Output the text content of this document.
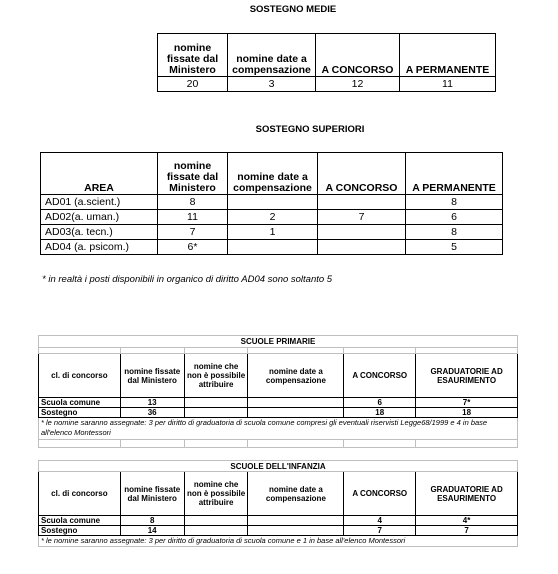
SOSTEGNO MEDIE
nomine fissate dal Ministero	nomine date a compensazione	A CONCORSO	A PERMANENTE
20	3	12	11
SOSTEGNO SUPERIORI
AREA	nomine fissate dal Ministero	nomine date a compensazione	A CONCORSO	A PERMANENTE
AD01 (a.scient.)	8			8
AD02(a. uman.)	11	2	7	6
AD03(a. tecn.)	7	1		8
AD04 (a. psicom.)	6*			5
* in realtà i posti disponibili in organico di diritto AD04 sono soltanto 5
SCUOLE PRIMARIE					

cl. di concorso	nomine fissate dal Ministero	nomine che non è possibile attribuire	nomine date a compensazione	A CONCORSO	GRADUATORIE AD ESAURIMENTO
Scuola comune	13			6	7*
Sostegno	36			18	18
* le nomine saranno assegnate: 3 per diritto di graduatoria di scuola comune compresi gli eventuali riservisti Legge68/1999 e 4 in base all'elenco Montessori					

SCUOLE DELL'INFANZIA					
cl. di concorso	nomine fissate dal Ministero	nomine che non è possibile attribuire	nomine date a compensazione	A CONCORSO	GRADUATORIE AD ESAURIMENTO
Scuola comune	8			4	4*
Sostegno	14			7	7
* le nomine saranno assegnate: 3 per diritto di graduatoria di scuola comune e 1 in base all'elenco Montessori					
